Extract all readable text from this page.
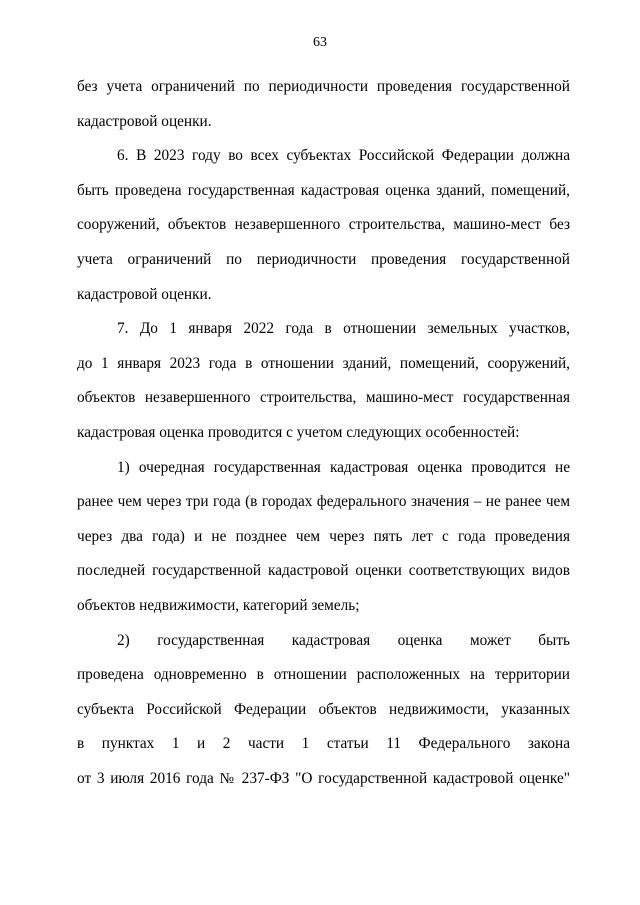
63
без учета ограничений по периодичности проведения государственной
кадастровой оценки.
6. В 2023 году во всех субъектах Российской Федерации должна
быть проведена государственная кадастровая оценка зданий, помещений,
сооружений, объектов незавершенного строительства, машино-мест без
учета ограничений по периодичности проведения государственной
кадастровой оценки.
7. До 1 января 2022 года в отношении земельных участков,
до 1 января 2023 года в отношении зданий, помещений, сооружений,
объектов незавершенного строительства, машино-мест государственная
кадастровая оценка проводится с учетом следующих особенностей:
1) очередная государственная кадастровая оценка проводится не
ранее чем через три года (в городах федерального значения – не ранее чем
через два года) и не позднее чем через пять лет с года проведения
последней государственной кадастровой оценки соответствующих видов
объектов недвижимости, категорий земель;
2) государственная кадастровая оценка может быть
проведена одновременно в отношении расположенных на территории
субъекта Российской Федерации объектов недвижимости, указанных
в пунктах 1 и 2 части 1 статьи 11 Федерального закона
от 3 июля 2016 года № 237-ФЗ "О государственной кадастровой оценке"
